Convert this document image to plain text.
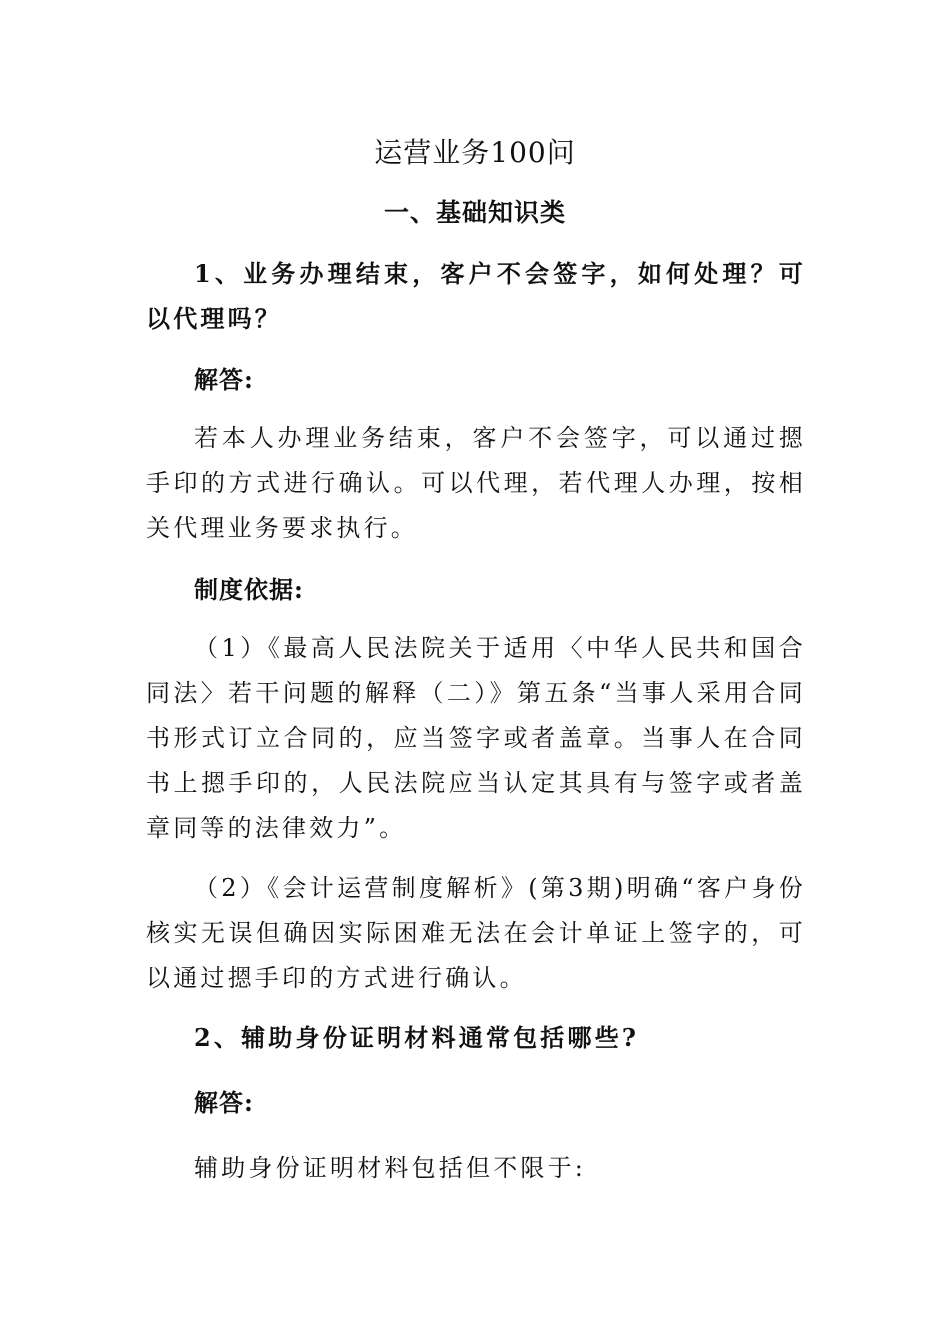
运营业务100问
一、基础知识类
1、业务办理结束，客户不会签字，如何处理？可以代理吗？
解答:
若本人办理业务结束，客户不会签字，可以通过摁手印的方式进行确认。可以代理，若代理人办理，按相关代理业务要求执行。
制度依据:
（1）《最高人民法院关于适用〈中华人民共和国合同法〉若干问题的解释（二）》第五条“当事人采用合同书形式订立合同的，应当签字或者盖章。当事人在合同书上摁手印的，人民法院应当认定其具有与签字或者盖章同等的法律效力”。
（2）《会计运营制度解析》(第3期)明确“客户身份核实无误但确因实际困难无法在会计单证上签字的，可以通过摁手印的方式进行确认。
2、辅助身份证明材料通常包括哪些?
解答:
辅助身份证明材料包括但不限于:
